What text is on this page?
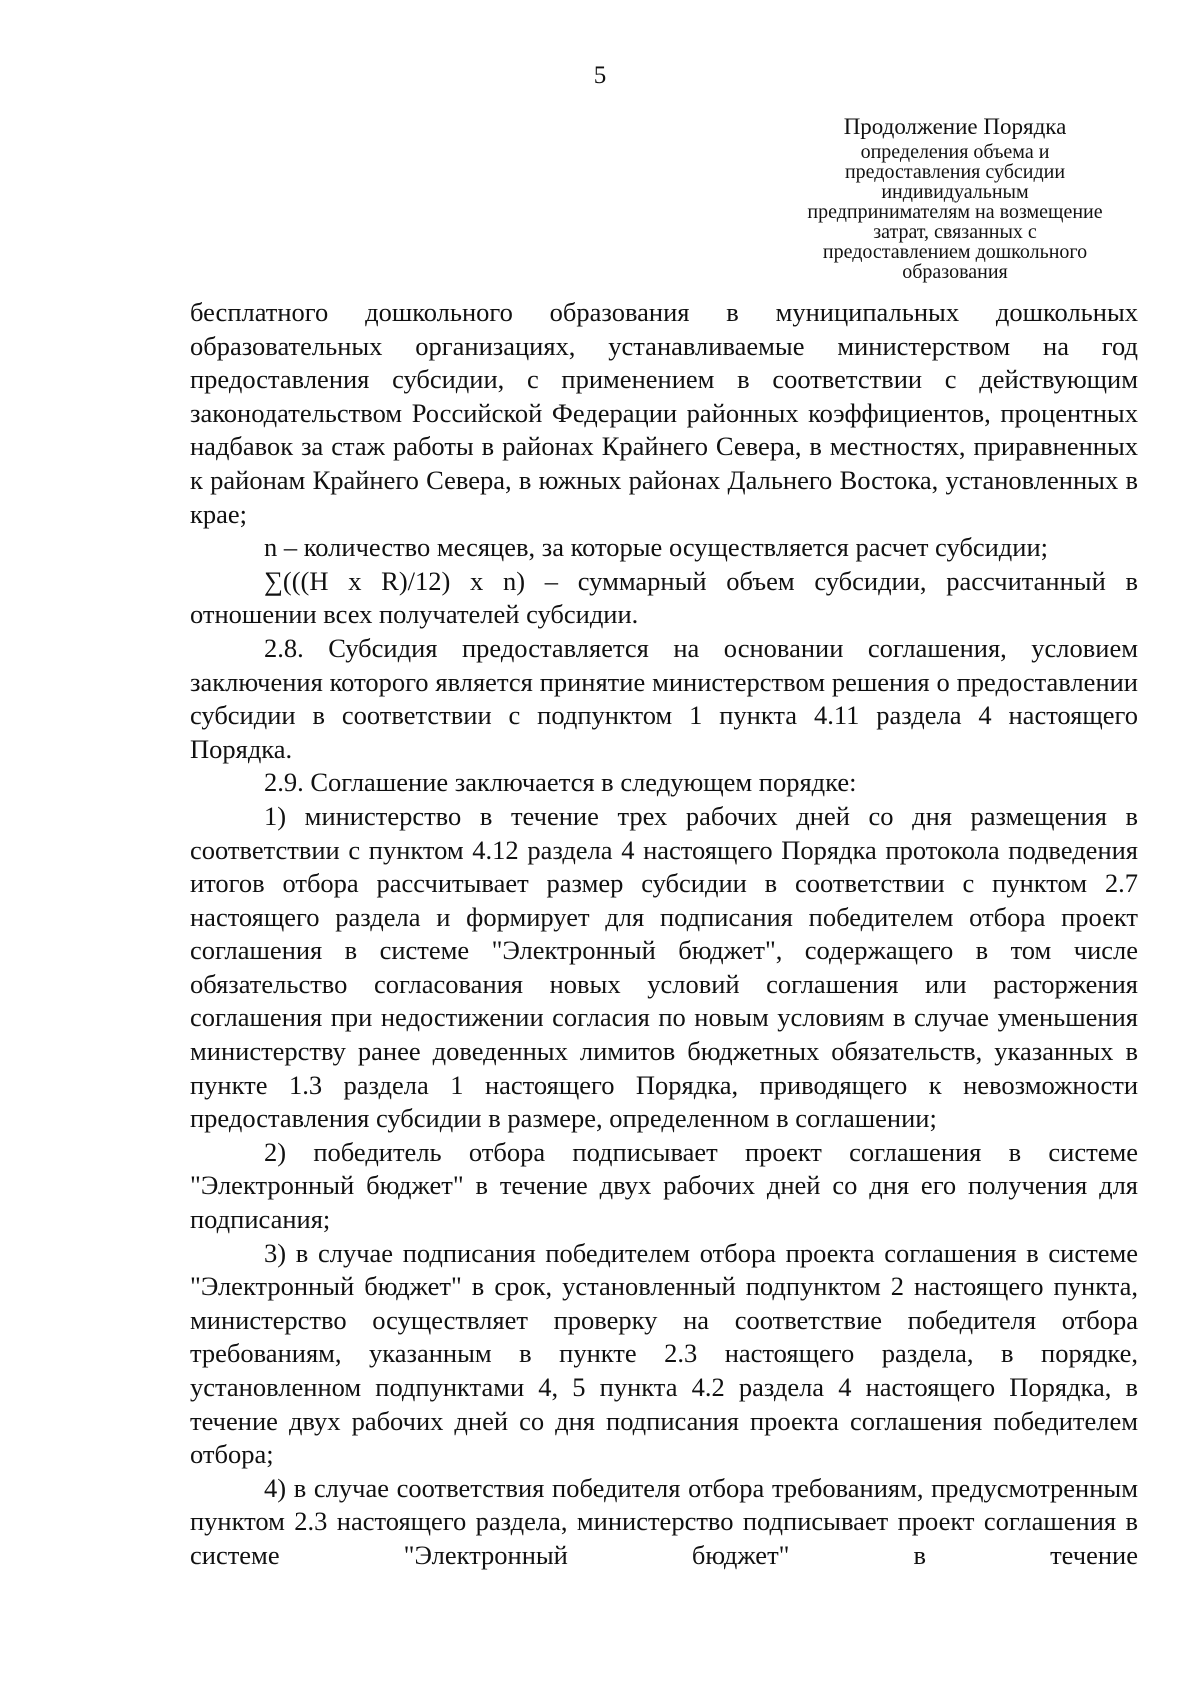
5
Продолжение Порядка
определения объема и
предоставления субсидии
индивидуальным
предпринимателям на возмещение
затрат, связанных с
предоставлением дошкольного
образования

бесплатного дошкольного образования в муниципальных дошкольных образовательных организациях, устанавливаемые министерством на год предоставления субсидии, с применением в соответствии с действующим законодательством Российской Федерации районных коэффициентов, процентных надбавок за стаж работы в районах Крайнего Севера, в местностях, приравненных к районам Крайнего Севера, в южных районах Дальнего Востока, установленных в крае;

n – количество месяцев, за которые осуществляется расчет субсидии;

∑(((H x R)/12) x n) – суммарный объем субсидии, рассчитанный в отношении всех получателей субсидии.

2.8. Субсидия предоставляется на основании соглашения, условием заключения которого является принятие министерством решения о предоставлении субсидии в соответствии с подпунктом 1 пункта 4.11 раздела 4 настоящего Порядка.

2.9. Соглашение заключается в следующем порядке:

1) министерство в течение трех рабочих дней со дня размещения в соответствии с пунктом 4.12 раздела 4 настоящего Порядка протокола подведения итогов отбора рассчитывает размер субсидии в соответствии с пунктом 2.7 настоящего раздела и формирует для подписания победителем отбора проект соглашения в системе "Электронный бюджет", содержащего в том числе обязательство согласования новых условий соглашения или расторжения соглашения при недостижении согласия по новым условиям в случае уменьшения министерству ранее доведенных лимитов бюджетных обязательств, указанных в пункте 1.3 раздела 1 настоящего Порядка, приводящего к невозможности предоставления субсидии в размере, определенном в соглашении;

2) победитель отбора подписывает проект соглашения в системе "Электронный бюджет" в течение двух рабочих дней со дня его получения для подписания;

3) в случае подписания победителем отбора проекта соглашения в системе "Электронный бюджет" в срок, установленный подпунктом 2 настоящего пункта, министерство осуществляет проверку на соответствие победителя отбора требованиям, указанным в пункте 2.3 настоящего раздела, в порядке, установленном подпунктами 4, 5 пункта 4.2 раздела 4 настоящего Порядка, в течение двух рабочих дней со дня подписания проекта соглашения победителем отбора;

4) в случае соответствия победителя отбора требованиям, предусмотренным пунктом 2.3 настоящего раздела, министерство подписывает проект соглашения в системе "Электронный бюджет" в течение
